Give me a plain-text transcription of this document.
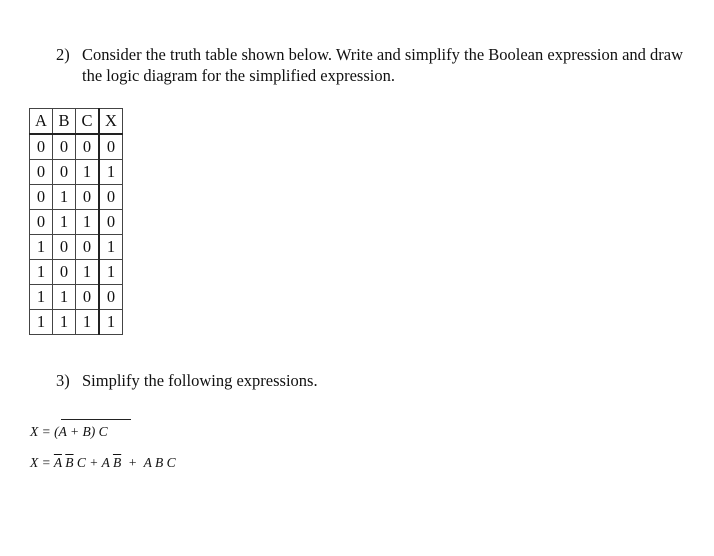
2) Consider the truth table shown below. Write and simplify the Boolean expression and draw the logic diagram for the simplified expression.
A	B	C	X
0	0	0	0
0	0	1	1
0	1	0	0
0	1	1	0
1	0	0	1
1	0	1	1
1	1	0	0
1	1	1	1
3) Simplify the following expressions.
X = (A + B) C
$X = \overline{A}$ $\overline{B}$ C + A $\overline{B} + A$ B C
